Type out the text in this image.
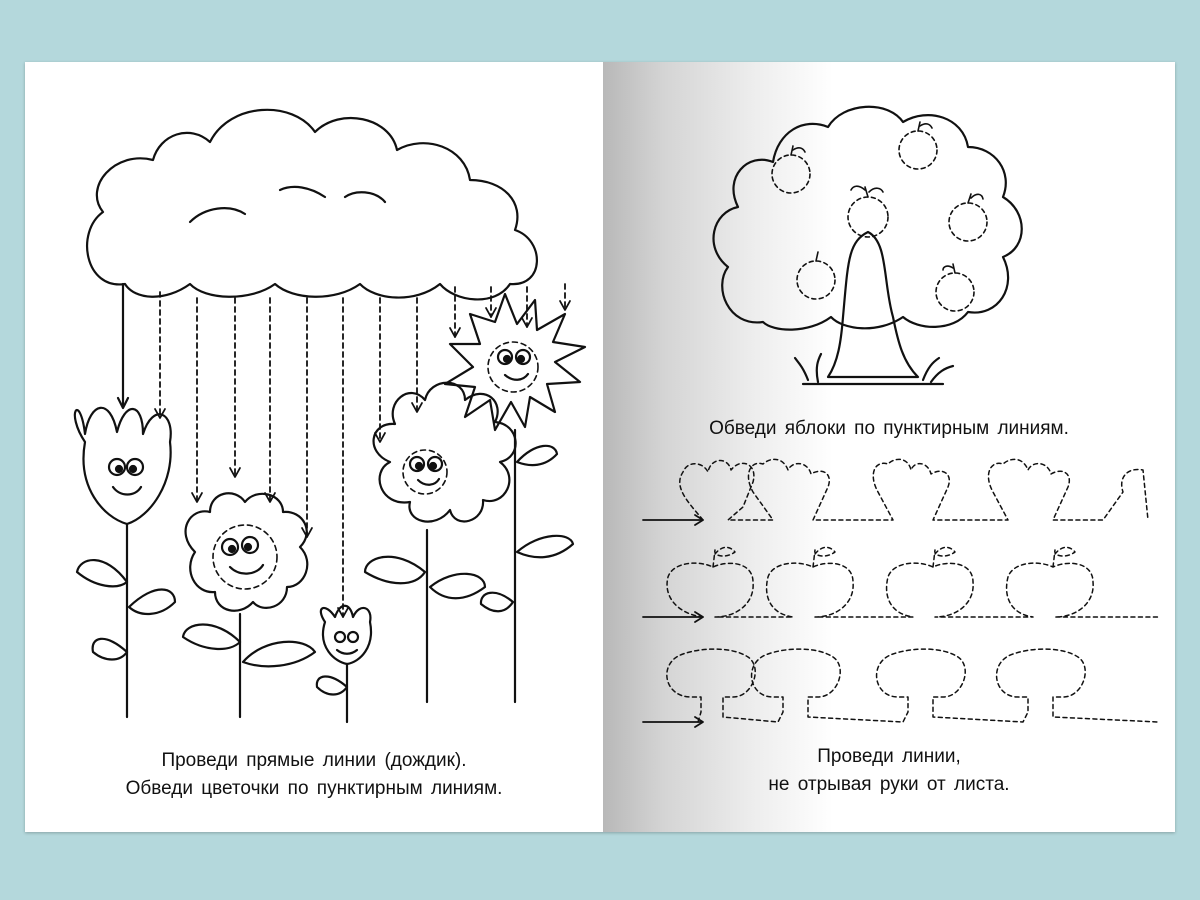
Проведи прямые линии (дождик).
Обведи цветочки по пунктирным линиям.
Обведи яблоки по пунктирным линиям.
Проведи линии,
не отрывая руки от листа.
